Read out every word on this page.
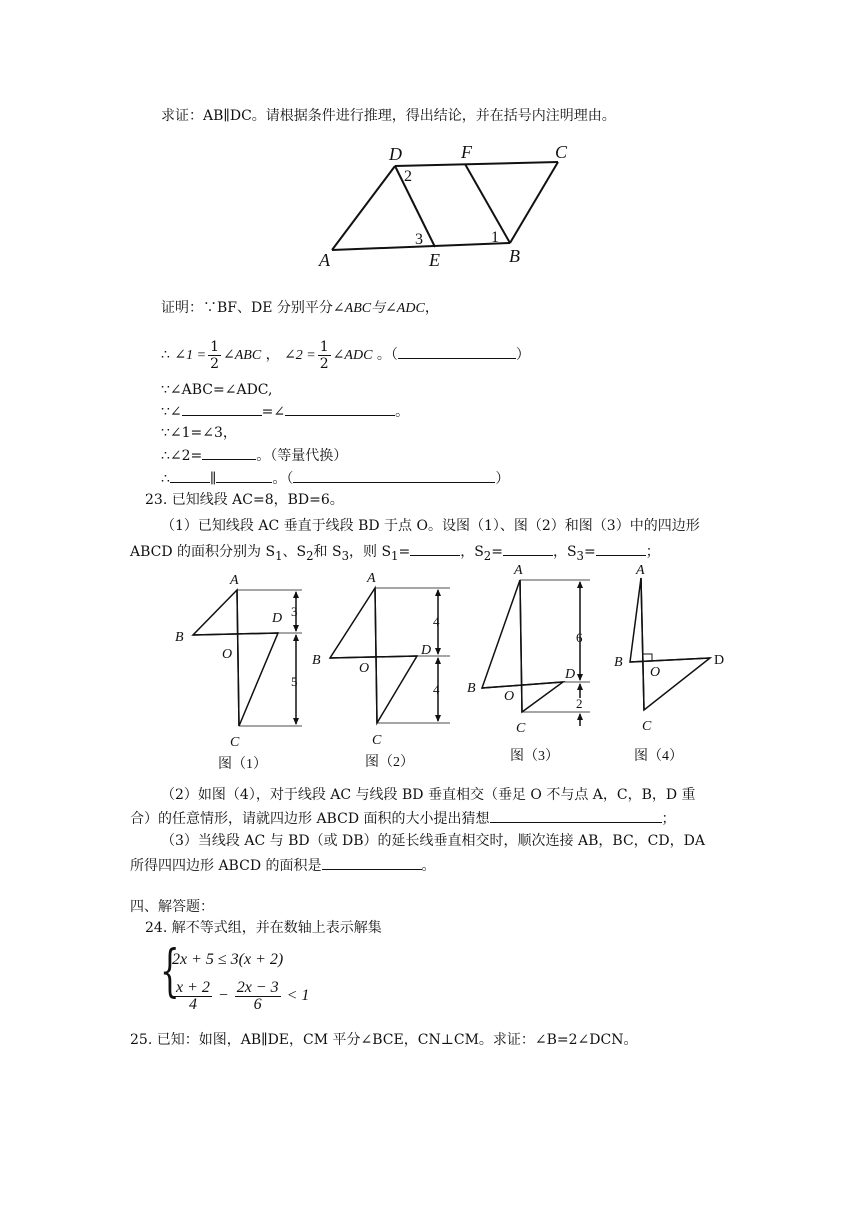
求证：AB∥DC。请根据条件进行推理，得出结论，并在括号内注明理由。
D	F	C
A	E	B
2
3	1
证明：∵BF、DE 分别平分∠ABC与∠ADC，
∴ ∠1 = $\frac{1}{2}$ ∠ABC ， ∠2 = $\frac{1}{2}$ ∠ADC 。（	）
∵∠ABC=∠ADC,
∵∠	=∠	。
∵∠1=∠3，
∴∠2=	。（等量代换）
∴	∥	。（	）
23. 已知线段 AC=8，BD=6。
（1）已知线段 AC 垂直于线段 BD 于点 O。设图（1）、图（2）和图（3）中的四边形
ABCD 的面积分别为 $S_1$、$S_2$和 $S_3$，则 $S_1=$	，$S_2=$	，$S_3=$	；
A
B
D
O
C
3
5
图（1）
A
B
D
O
C
4
4
图（2）
A
B
D
O
C
6
2
图（3）
A
B	D
O
C
图（4）
（2）如图（4），对于线段 AC 与线段 BD 垂直相交（垂足 O 不与点 A，C，B，D 重
合）的任意情形，请就四边形 ABCD 面积的大小提出猜想	；
（3）当线段 AC 与 BD（或 DB）的延长线垂直相交时，顺次连接 AB，BC，CD，DA
所得四四边形 ABCD 的面积是	。
四、解答题：
24. 解不等式组，并在数轴上表示解集
{
2x + 5 ≤ 3(x + 2)
$\frac{x + 2}{4} - \frac{2x - 3}{6} < 1$
25. 已知：如图，AB∥DE，CM 平分∠BCE，CN⊥CM。求证：∠B=2∠DCN。
